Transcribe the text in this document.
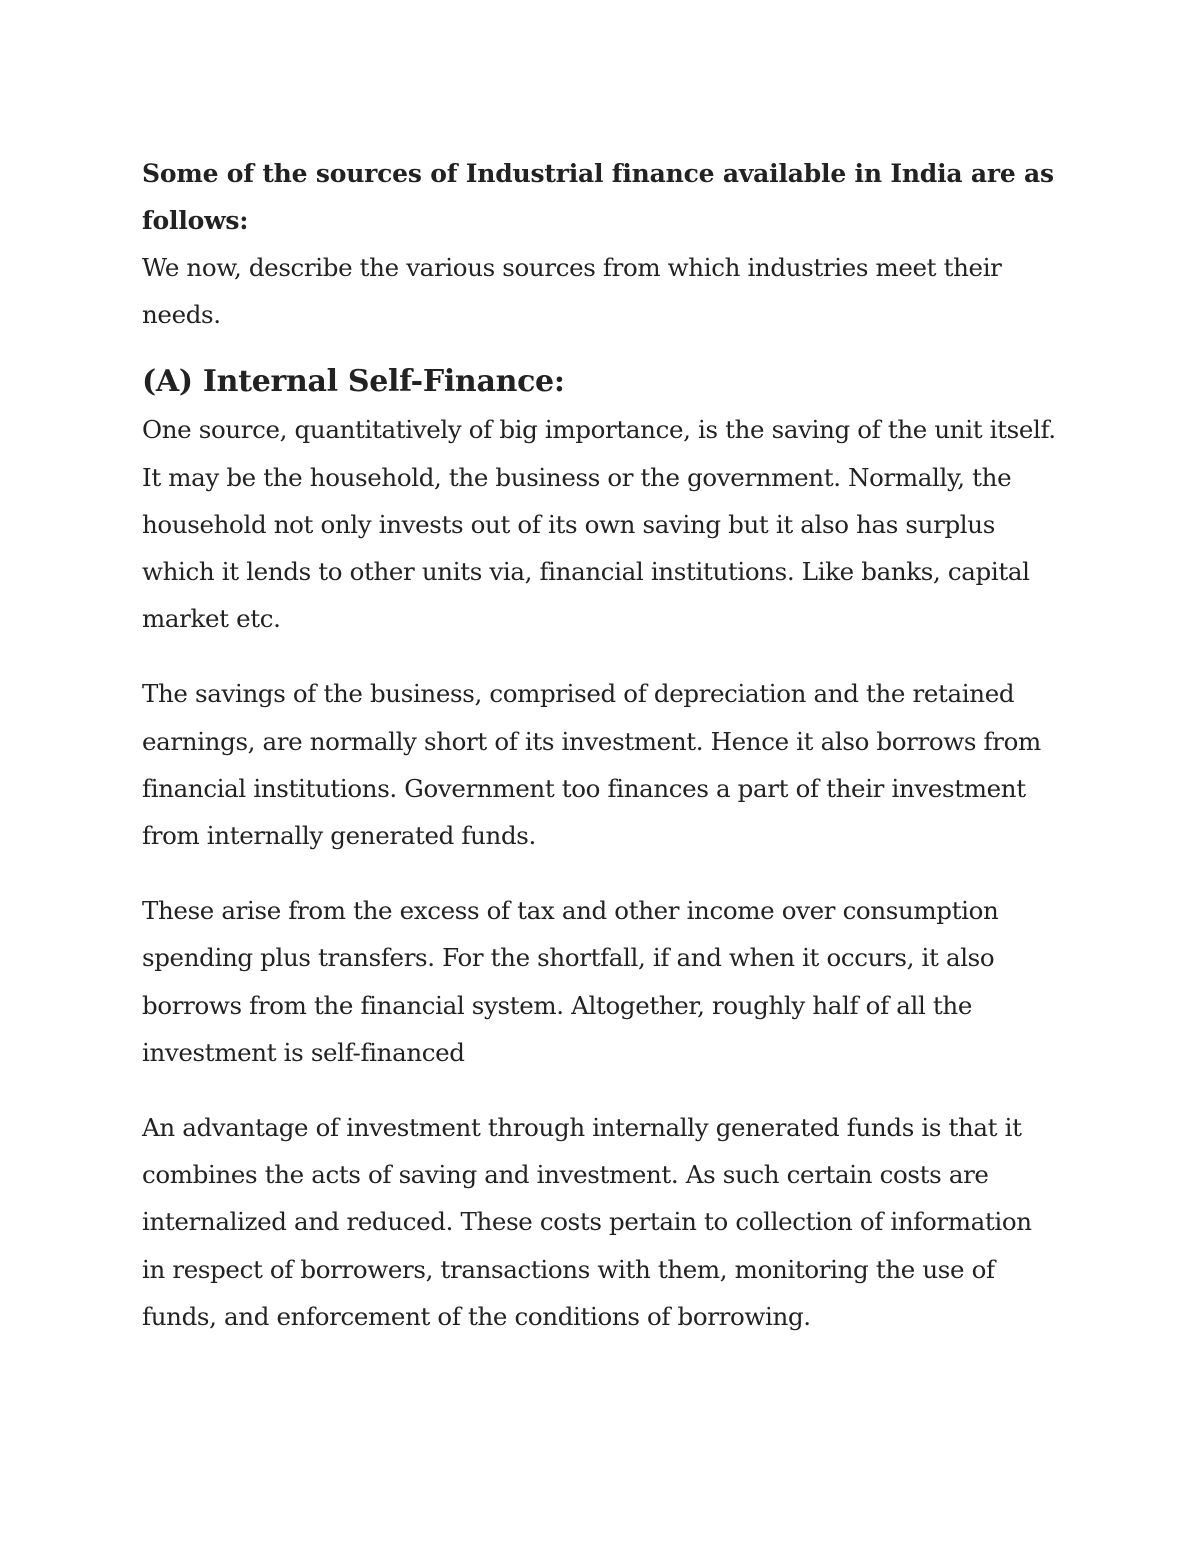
Some of the sources of Industrial finance available in India are as follows:

We now, describe the various sources from which industries meet their needs.

(A) Internal Self-Finance:

One source, quantitatively of big importance, is the saving of the unit itself. It may be the household, the business or the government. Normally, the household not only invests out of its own saving but it also has surplus which it lends to other units via, financial institutions. Like banks, capital market etc.

The savings of the business, comprised of depreciation and the retained earnings, are normally short of its investment. Hence it also borrows from financial institutions. Government too finances a part of their investment from internally generated funds.

These arise from the excess of tax and other income over consumption spending plus transfers. For the shortfall, if and when it occurs, it also borrows from the financial system. Altogether, roughly half of all the investment is self-financed

An advantage of investment through internally generated funds is that it combines the acts of saving and investment. As such certain costs are internalized and reduced. These costs pertain to collection of information in respect of borrowers, transactions with them, monitoring the use of funds, and enforcement of the conditions of borrowing.
